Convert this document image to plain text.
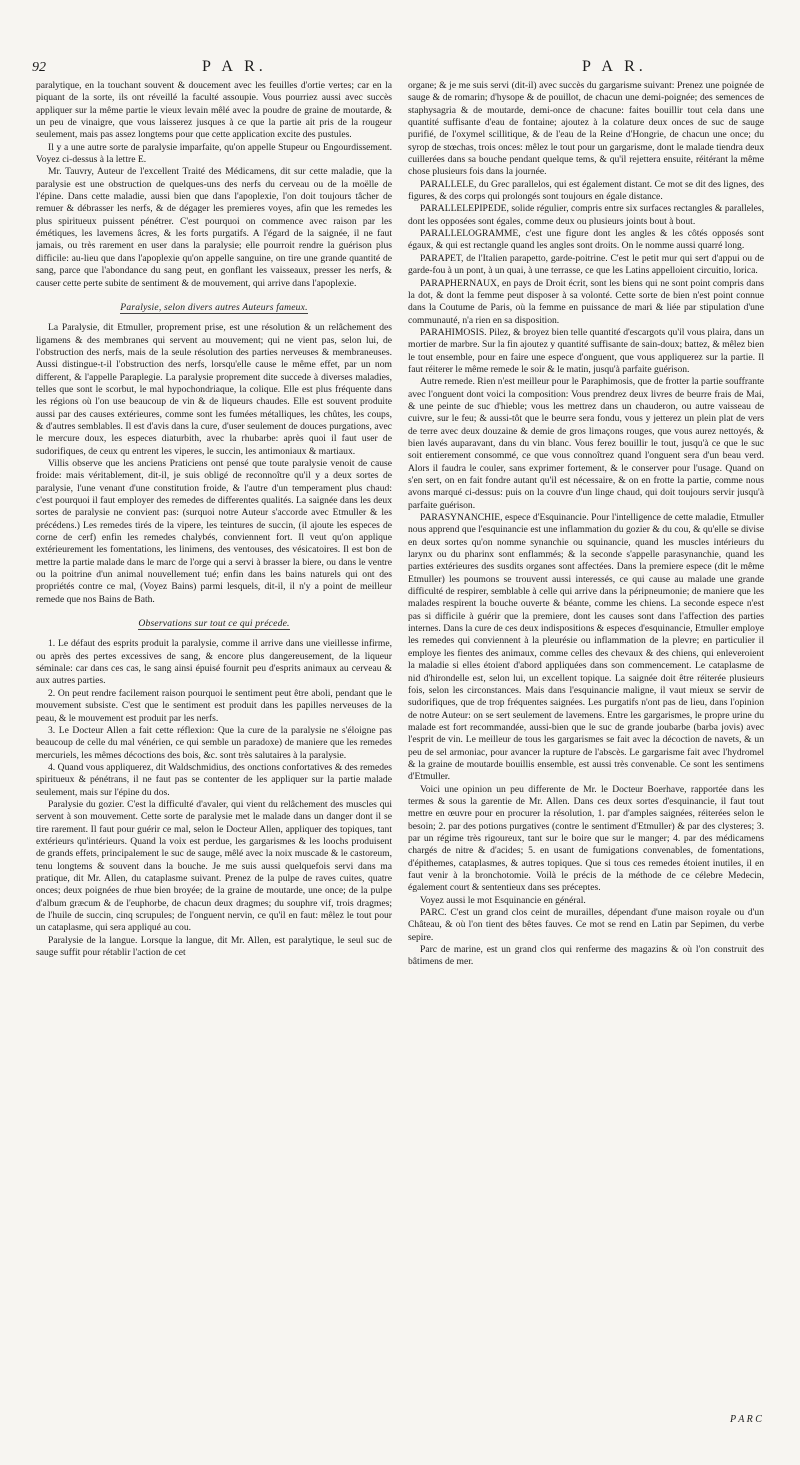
92	P A R.	P A R.

paralytique, en la touchant souvent & doucement avec les feuilles d'ortie vertes; car en la piquant de la sorte, ils ont réveillé la faculté assoupie. Vous pourriez aussi avec succès appliquer sur la même partie le vieux levain mêlé avec la poudre de graine de moutarde, & un peu de vinaigre, que vous laisserez jusques à ce que la partie ait pris de la rougeur seulement, mais pas assez longtems pour que cette application excite des pustules.

Il y a une autre sorte de paralysie imparfaite, qu'on appelle Stupeur ou Engourdissement. Voyez ci-dessus à la lettre E.

Mr. Tauvry, Auteur de l'excellent Traité des Médicamens, dit sur cette maladie, que la paralysie est une obstruction de quelques-uns des nerfs du cerveau ou de la moëlle de l'épine. Dans cette maladie, aussi bien que dans l'apoplexie, l'on doit toujours tâcher de remuer & débrasser les nerfs, & de dégager les premieres voyes, afin que les remedes les plus spiritueux puissent pénétrer. C'est pourquoi on commence avec raison par les émétiques, les lavemens âcres, & les forts purgatifs. A l'égard de la saignée, il ne faut jamais, ou très rarement en user dans la paralysie; elle pourroit rendre la guérison plus difficile: au-lieu que dans l'apoplexie qu'on appelle sanguine, on tire une grande quantité de sang, parce que l'abondance du sang peut, en gonflant les vaisseaux, presser les nerfs, & causer cette perte subite de sentiment & de mouvement, qui arrive dans l'apoplexie.

Paralysie, selon divers autres Auteurs fameux.

La Paralysie, dit Etmuller, proprement prise, est une résolution & un relâchement des ligamens & des membranes qui servent au mouvement; qui ne vient pas, selon lui, de l'obstruction des nerfs, mais de la seule résolution des parties nerveuses & membraneuses. Aussi distingue-t-il l'obstruction des nerfs, lorsqu'elle cause le même effet, par un nom different, & l'appelle Paraplegie. La paralysie proprement dite succede à diverses maladies, telles que sont le scorbut, le mal hypochondriaque, la colique. Elle est plus fréquente dans les régions où l'on use beaucoup de vin & de liqueurs chaudes. Elle est souvent produite aussi par des causes extérieures, comme sont les fumées métalliques, les chûtes, les coups, & d'autres semblables. Il est d'avis dans la cure, d'user seulement de douces purgations, avec le mercure doux, les especes diaturbith, avec la rhubarbe: après quoi il faut user de sudorifiques, de ceux qu entrent les viperes, le succin, les antimoniaux & martiaux.

Villis observe que les anciens Praticiens ont pensé que toute paralysie venoit de cause froide: mais véritablement, dit-il, je suis obligé de reconnoître qu'il y a deux sortes de paralysie, l'une venant d'une constitution froide, & l'autre d'un temperament plus chaud: c'est pourquoi il faut employer des remedes de differentes qualités. La saignée dans les deux sortes de paralysie ne convient pas: (surquoi notre Auteur s'accorde avec Etmuller & les précédens.) Les remedes tirés de la vipere, les teintures de succin, (il ajoute les especes de corne de cerf) enfin les remedes chalybés, conviennent fort. Il veut qu'on applique extérieurement les fomentations, les linimens, des ventouses, des vésicatoires. Il est bon de mettre la partie malade dans le marc de l'orge qui a servi à brasser la biere, ou dans le ventre ou la poitrine d'un animal nouvellement tué; enfin dans les bains naturels qui ont des propriétés contre ce mal, (Voyez Bains) parmi lesquels, dit-il, il n'y a point de meilleur remede que nos Bains de Bath.

Observations sur tout ce qui précede.

1. Le défaut des esprits produit la paralysie, comme il arrive dans une vieillesse infirme, ou après des pertes excessives de sang, & encore plus dangereusement, de la liqueur séminale: car dans ces cas, le sang ainsi épuisé fournit peu d'esprits animaux au cerveau & aux autres parties.

2. On peut rendre facilement raison pourquoi le sentiment peut être aboli, pendant que le mouvement subsiste. C'est que le sentiment est produit dans les papilles nerveuses de la peau, & le mouvement est produit par les nerfs.

3. Le Docteur Allen a fait cette réflexion: Que la cure de la paralysie ne s'éloigne pas beaucoup de celle du mal vénérien, ce qui semble un paradoxe) de maniere que les remedes mercuriels, les mêmes décoctions des bois, &c. sont très salutaires à la paralysie.

4. Quand vous appliquerez, dit Waldschmidius, des onctions confortatives & des remedes spiritueux & pénétrans, il ne faut pas se contenter de les appliquer sur la partie malade seulement, mais sur l'épine du dos.

Paralysie du gozier. C'est la difficulté d'avaler, qui vient du relâchement des muscles qui servent à son mouvement. Cette sorte de paralysie met le malade dans un danger dont il se tire rarement. Il faut pour guérir ce mal, selon le Docteur Allen, appliquer des topiques, tant extérieurs qu'intérieurs. Quand la voix est perdue, les gargarismes & les loochs produisent de grands effets, principalement le suc de sauge, mêlé avec la noix muscade & le castoreum, tenu longtems & souvent dans la bouche. Je me suis aussi quelquefois servi dans ma pratique, dit Mr. Allen, du cataplasme suivant. Prenez de la pulpe de raves cuites, quatre onces; deux poignées de rhue bien broyée; de la graine de moutarde, une once; de la pulpe d'album græcum & de l'euphorbe, de chacun deux dragmes; du souphre vif, trois dragmes; de l'huile de succin, cinq scrupules; de l'onguent nervin, ce qu'il en faut: mêlez le tout pour un cataplasme, qui sera appliqué au cou.

Paralysie de la langue. Lorsque la langue, dit Mr. Allen, est paralytique, le seul suc de sauge suffit pour rétablir l'action de cet

organe; & je me suis servi (dit-il) avec succès du gargarisme suivant: Prenez une poignée de sauge & de romarin; d'hysope & de pouillot, de chacun une demi-poignée; des semences de staphysagria & de moutarde, demi-once de chacune: faites bouillir tout cela dans une quantité suffisante d'eau de fontaine; ajoutez à la colature deux onces de suc de sauge purifié, de l'oxymel scillitique, & de l'eau de la Reine d'Hongrie, de chacun une once; du syrop de stœchas, trois onces: mêlez le tout pour un gargarisme, dont le malade tiendra deux cuillerées dans sa bouche pendant quelque tems, & qu'il rejettera ensuite, réitérant la même chose plusieurs fois dans la journée.

PARALLELE, du Grec parallelos, qui est également distant. Ce mot se dit des lignes, des figures, & des corps qui prolongés sont toujours en égale distance.

PARALLELEPIPEDE, solide régulier, compris entre six surfaces rectangles & paralleles, dont les opposées sont égales, comme deux ou plusieurs joints bout à bout.

PARALLELOGRAMME, c'est une figure dont les angles & les côtés opposés sont égaux, & qui est rectangle quand les angles sont droits. On le nomme aussi quarré long.

PARAPET, de l'Italien parapetto, garde-poitrine. C'est le petit mur qui sert d'appui ou de garde-fou à un pont, à un quai, à une terrasse, ce que les Latins appelloient circuitio, lorica.

PARAPHERNAUX, en pays de Droit écrit, sont les biens qui ne sont point compris dans la dot, & dont la femme peut disposer à sa volonté. Cette sorte de bien n'est point connue dans la Coutume de Paris, où la femme en puissance de mari & liée par stipulation d'une communauté, n'a rien en sa disposition.

PARAHIMOSIS. Pilez, & broyez bien telle quantité d'escargots qu'il vous plaira, dans un mortier de marbre. Sur la fin ajoutez y quantité suffisante de sain-doux; battez, & mêlez bien le tout ensemble, pour en faire une espece d'onguent, que vous appliquerez sur la partie. Il faut réiterer le même remede le soir & le matin, jusqu'à parfaite guérison.

Autre remede. Rien n'est meilleur pour le Paraphimosis, que de frotter la partie souffrante avec l'onguent dont voici la composition: Vous prendrez deux livres de beurre frais de Mai, & une peinte de suc d'hieble; vous les mettrez dans un chauderon, ou autre vaisseau de cuivre, sur le feu; & aussi-tôt que le beurre sera fondu, vous y jetterez un plein plat de vers de terre avec deux douzaine & demie de gros limaçons rouges, que vous aurez nettoyés, & bien lavés auparavant, dans du vin blanc. Vous ferez bouillir le tout, jusqu'à ce que le suc soit entierement consommé, ce que vous connoîtrez quand l'onguent sera d'un beau verd. Alors il faudra le couler, sans exprimer fortement, & le conserver pour l'usage. Quand on s'en sert, on en fait fondre autant qu'il est nécessaire, & on en frotte la partie, comme nous avons marqué ci-dessus: puis on la couvre d'un linge chaud, qui doit toujours servir jusqu'à parfaite guérison.

PARASYNANCHIE, espece d'Esquinancie. Pour l'intelligence de cette maladie, Etmuller nous apprend que l'esquinancie est une inflammation du gozier & du cou, & qu'elle se divise en deux sortes qu'on nomme synanchie ou squinancie, quand les muscles intérieurs du larynx ou du pharinx sont enflammés; & la seconde s'appelle parasynanchie, quand les parties extérieures des susdits organes sont affectées. Dans la premiere espece (dit le même Etmuller) les poumons se trouvent aussi interessés, ce qui cause au malade une grande difficulté de respirer, semblable à celle qui arrive dans la péripneumonie; de maniere que les malades respirent la bouche ouverte & béante, comme les chiens. La seconde espece n'est pas si difficile à guérir que la premiere, dont les causes sont dans l'affection des parties internes. Dans la cure de ces deux indispositions & especes d'esquinancie, Etmuller employe les remedes qui conviennent à la pleurésie ou inflammation de la plevre; en particulier il employe les fientes des animaux, comme celles des chevaux & des chiens, qui enleveroient la maladie si elles étoient d'abord appliquées dans son commencement. Le cataplasme de nid d'hirondelle est, selon lui, un excellent topique. La saignée doit être réiterée plusieurs fois, selon les circonstances. Mais dans l'esquinancie maligne, il vaut mieux se servir de sudorifiques, que de trop fréquentes saignées. Les purgatifs n'ont pas de lieu, dans l'opinion de notre Auteur: on se sert seulement de lavemens. Entre les gargarismes, le propre urine du malade est fort recommandée, aussi-bien que le suc de grande joubarbe (barba jovis) avec l'esprit de vin. Le meilleur de tous les gargarismes se fait avec la décoction de navets, & un peu de sel armoniac, pour avancer la rupture de l'abscès. Le gargarisme fait avec l'hydromel & la graine de moutarde bouillis ensemble, est aussi très convenable. Ce sont les sentimens d'Etmuller.

Voici une opinion un peu differente de Mr. le Docteur Boerhave, rapportée dans les termes & sous la garentie de Mr. Allen. Dans ces deux sortes d'esquinancie, il faut tout mettre en œuvre pour en procurer la résolution, 1. par d'amples saignées, réiterées selon le besoin; 2. par des potions purgatives (contre le sentiment d'Etmuller) & par des clysteres; 3. par un régime très rigoureux, tant sur le boire que sur le manger; 4. par des médicamens chargés de nitre & d'acides; 5. en usant de fumigations convenables, de fomentations, d'épithemes, cataplasmes, & autres topiques. Que si tous ces remedes étoient inutiles, il en faut venir à la bronchotomie. Voilà le précis de la méthode de ce célebre Medecin, également court & sententieux dans ses préceptes.

Voyez aussi le mot Esquinancie en général.

PARC. C'est un grand clos ceint de murailles, dépendant d'une maison royale ou d'un Château, & où l'on tient des bêtes fauves. Ce mot se rend en Latin par Sepimen, du verbe sepire.

Parc de marine, est un grand clos qui renferme des magazins & où l'on construit des bâtimens de mer.

P A R C
